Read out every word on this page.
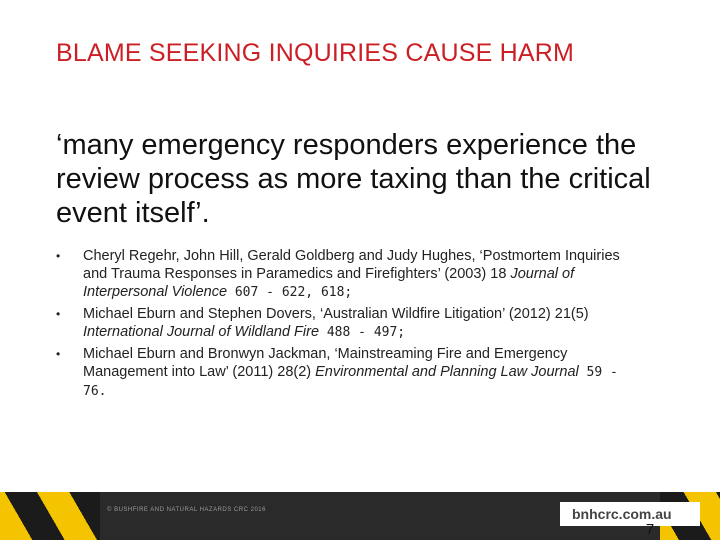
BLAME SEEKING INQUIRIES CAUSE HARM
‘many emergency responders experience the review process as more taxing than the critical event itself’.
• Cheryl Regehr, John Hill, Gerald Goldberg and Judy Hughes, ‘Postmortem Inquiries and Trauma Responses in Paramedics and Firefighters’ (2003) 18 Journal of Interpersonal Violence 607 - 622, 618;
• Michael Eburn and Stephen Dovers, ‘Australian Wildfire Litigation’ (2012) 21(5) International Journal of Wildland Fire 488 - 497;
• Michael Eburn and Bronwyn Jackman, ‘Mainstreaming Fire and Emergency Management into Law’ (2011) 28(2) Environmental and Planning Law Journal 59 - 76.
© BUSHFIRE AND NATURAL HAZARDS CRC 2016	bnhcrc.com.au
7
